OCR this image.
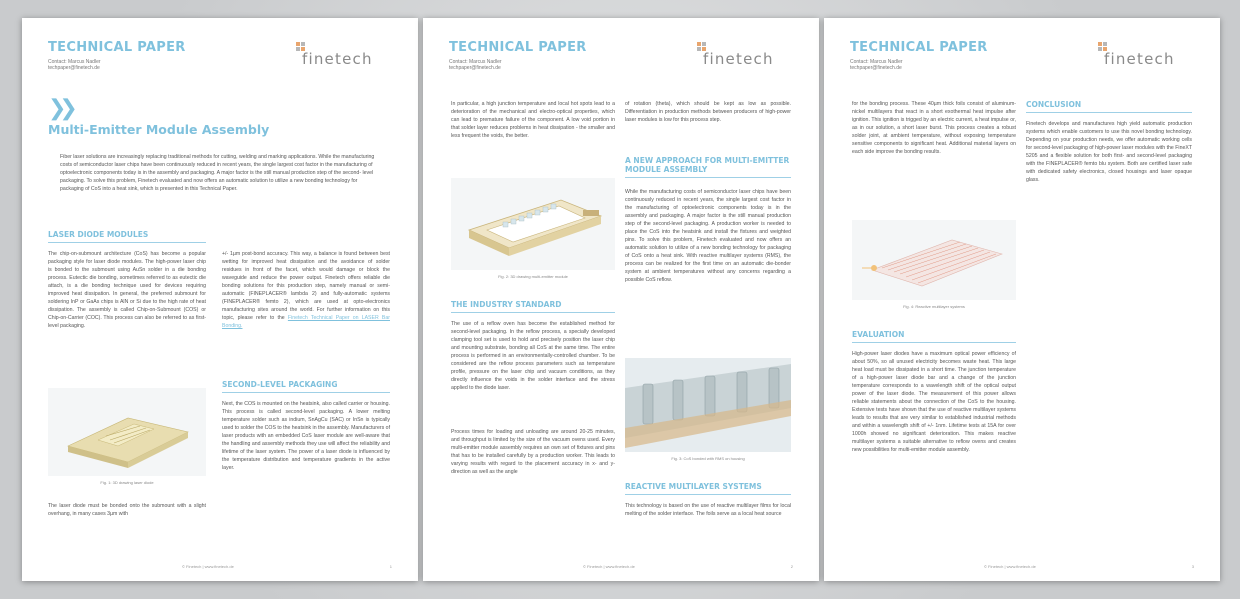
TECHNICAL PAPER
Contact: Marcus Nadler
techpaper@finetech.de	finetech
❯❯
Multi-Emitter Module Assembly
Fiber laser solutions are increasingly replacing traditional methods for cutting, welding and marking applications. While the manufacturing costs of semiconductor laser chips have been continuously reduced in recent years, the single largest cost factor in the manufacturing of optoelectronic components today is in the assembly and packaging. A major factor is the still manual production step of the second- level packaging. To solve this problem, Finetech evaluated and now offers an automatic solution to utilize a new bonding technology for packaging of CoS into a heat sink, which is presented in this Technical Paper.
LASER DIODE MODULES
The chip-on-submount architecture (CoS) has become a popular packaging style for laser diode modules. The high-power laser chip is bonded to the submount using AuSn solder in a die bonding process. Eutectic die bonding, sometimes referred to as eutectic die attach, is a die bonding technique used for devices requiring improved heat dissipation. In general, the preferred submount for soldering InP or GaAs chips is AlN or Si due to the high rate of heat dissipation. The assembly is called Chip-on-Submount (COS) or Chip-on-Carrier (COC). This process can also be referred to as first-level packaging.
Fig. 1: 3D drawing laser diode
The laser diode must be bonded onto the submount with a slight overhang, in many cases 3µm with
+/- 1µm post-bond accuracy. This way, a balance is found between best wetting for improved heat dissipation and the avoidance of solder residues in front of the facet, which would damage or block the waveguide and reduce the power output. Finetech offers reliable die bonding solutions for this production step, namely manual or semi-automatic (FINEPLACER® lambda 2) and fully-automatic systems (FINEPLACER® femto 2), which are used at opto-electronics manufacturing sites around the world. For further information on this topic, please refer to the Finetech Technical Paper on LASER Bar Bonding.
SECOND-LEVEL PACKAGING
Next, the COS is mounted on the heatsink, also called carrier or housing. This process is called second-level packaging. A lower melting temperature solder such as indium, SnAgCu (SAC) or InSn is typically used to solder the COS to the heatsink in the assembly. Manufacturers of laser products with an embedded CoS laser module are well-aware that the handling and assembly methods they use will affect the reliability and lifetime of the laser system. The power of a laser diode is influenced by the temperature distribution and temperature gradients in the active layer.
© Finetech | www.finetech.de	1
TECHNICAL PAPER
Contact: Marcus Nadler
techpaper@finetech.de	finetech
In particular, a high junction temperature and local hot spots lead to a deterioration of the mechanical and electro-optical properties, which can lead to premature failure of the component. A low void portion in that solder layer reduces problems in heat dissipation - the smaller and less frequent the voids, the better.
Fig. 2: 3D drawing multi-emitter module
THE INDUSTRY STANDARD
The use of a reflow oven has become the established method for second-level packaging. In the reflow process, a specially developed clamping tool set is used to hold and precisely position the laser chip and mounting substrate, bonding all CoS at the same time. The entire process is performed in an environmentally-controlled chamber. To be considered are the reflow process parameters such as temperature profile, pressure on the laser chip and vacuum conditions, as they directly influence the voids in the solder interface and the stress applied to the diode laser.
Process times for loading and unloading are around 20-25 minutes, and throughput is limited by the size of the vacuum ovens used. Every multi-emitter module assembly requires an own set of fixtures and pins that has to be installed carefully by a production worker. This leads to varying results with regard to the placement accuracy in x- and y-direction as well as the angle
of rotation (theta), which should be kept as low as possible. Differentiation in production methods between producers of high-power laser modules is low for this process step.
A NEW APPROACH FOR MULTI-EMITTER MODULE ASSEMBLY
While the manufacturing costs of semiconductor laser chips have been continuously reduced in recent years, the single largest cost factor in the manufacturing of optoelectronic components today is in the assembly and packaging. A major factor is the still manual production step of the second-level packaging. A production worker is needed to place the CoS into the heatsink and install the fixtures and weighted pins. To solve this problem, Finetech evaluated and now offers an automatic solution to utilize of a new bonding technology for packaging of CoS onto a heat sink. With reactive multilayer systems (RMS), the process can be realized for the first time on an automatic die-bonder system at ambient temperatures without any concerns regarding a possible CoS reflow.
Fig. 3: CoS bonded with RMS on housing
REACTIVE MULTILAYER SYSTEMS
This technology is based on the use of reactive multilayer films for local melting of the solder interface. The foils serve as a local heat source
© Finetech | www.finetech.de	2
TECHNICAL PAPER
Contact: Marcus Nadler
techpaper@finetech.de	finetech
for the bonding process. These 40µm thick foils consist of aluminum-nickel multilayers that react in a short exothermal heat impulse after ignition. This ignition is trigged by an electric current, a heat impulse or, as in our solution, a short laser burst. This process creates a robust solder joint, at ambient temperature, without exposing temperature sensitive components to significant heat. Additional material layers on each side improve the bonding results.
Fig. 4: Reactive multilayer systems
EVALUATION
High-power laser diodes have a maximum optical power efficiency of about 50%, so all unused electricity becomes waste heat. This large heat load must be dissipated in a short time. The junction temperature of a high-power laser diode bar and a change of the junction temperature corresponds to a wavelength shift of the optical output power of the laser diode. The measurement of this power allows reliable statements about the connection of the CoS to the housing. Extensive tests have shown that the use of reactive multilayer systems leads to results that are very similar to established industrial methods and within a wavelength shift of +/- 1nm. Lifetime tests at 15A for over 1000h showed no significant deterioration. This makes reactive multilayer systems a suitable alternative to reflow ovens and creates new possibilities for multi-emitter module assembly.
CONCLUSION
Finetech develops and manufactures high yield automatic production systems which enable customers to use this novel bonding technology. Depending on your production needs, we offer automatic working cells for second-level packaging of high-power laser modules with the FineXT 5205 and a flexible solution for both first- and second-level packaging with the FINEPLACER® femto blu system. Both are certified laser safe with dedicated safety electronics, closed housings and laser opaque glass.
© Finetech | www.finetech.de	3
